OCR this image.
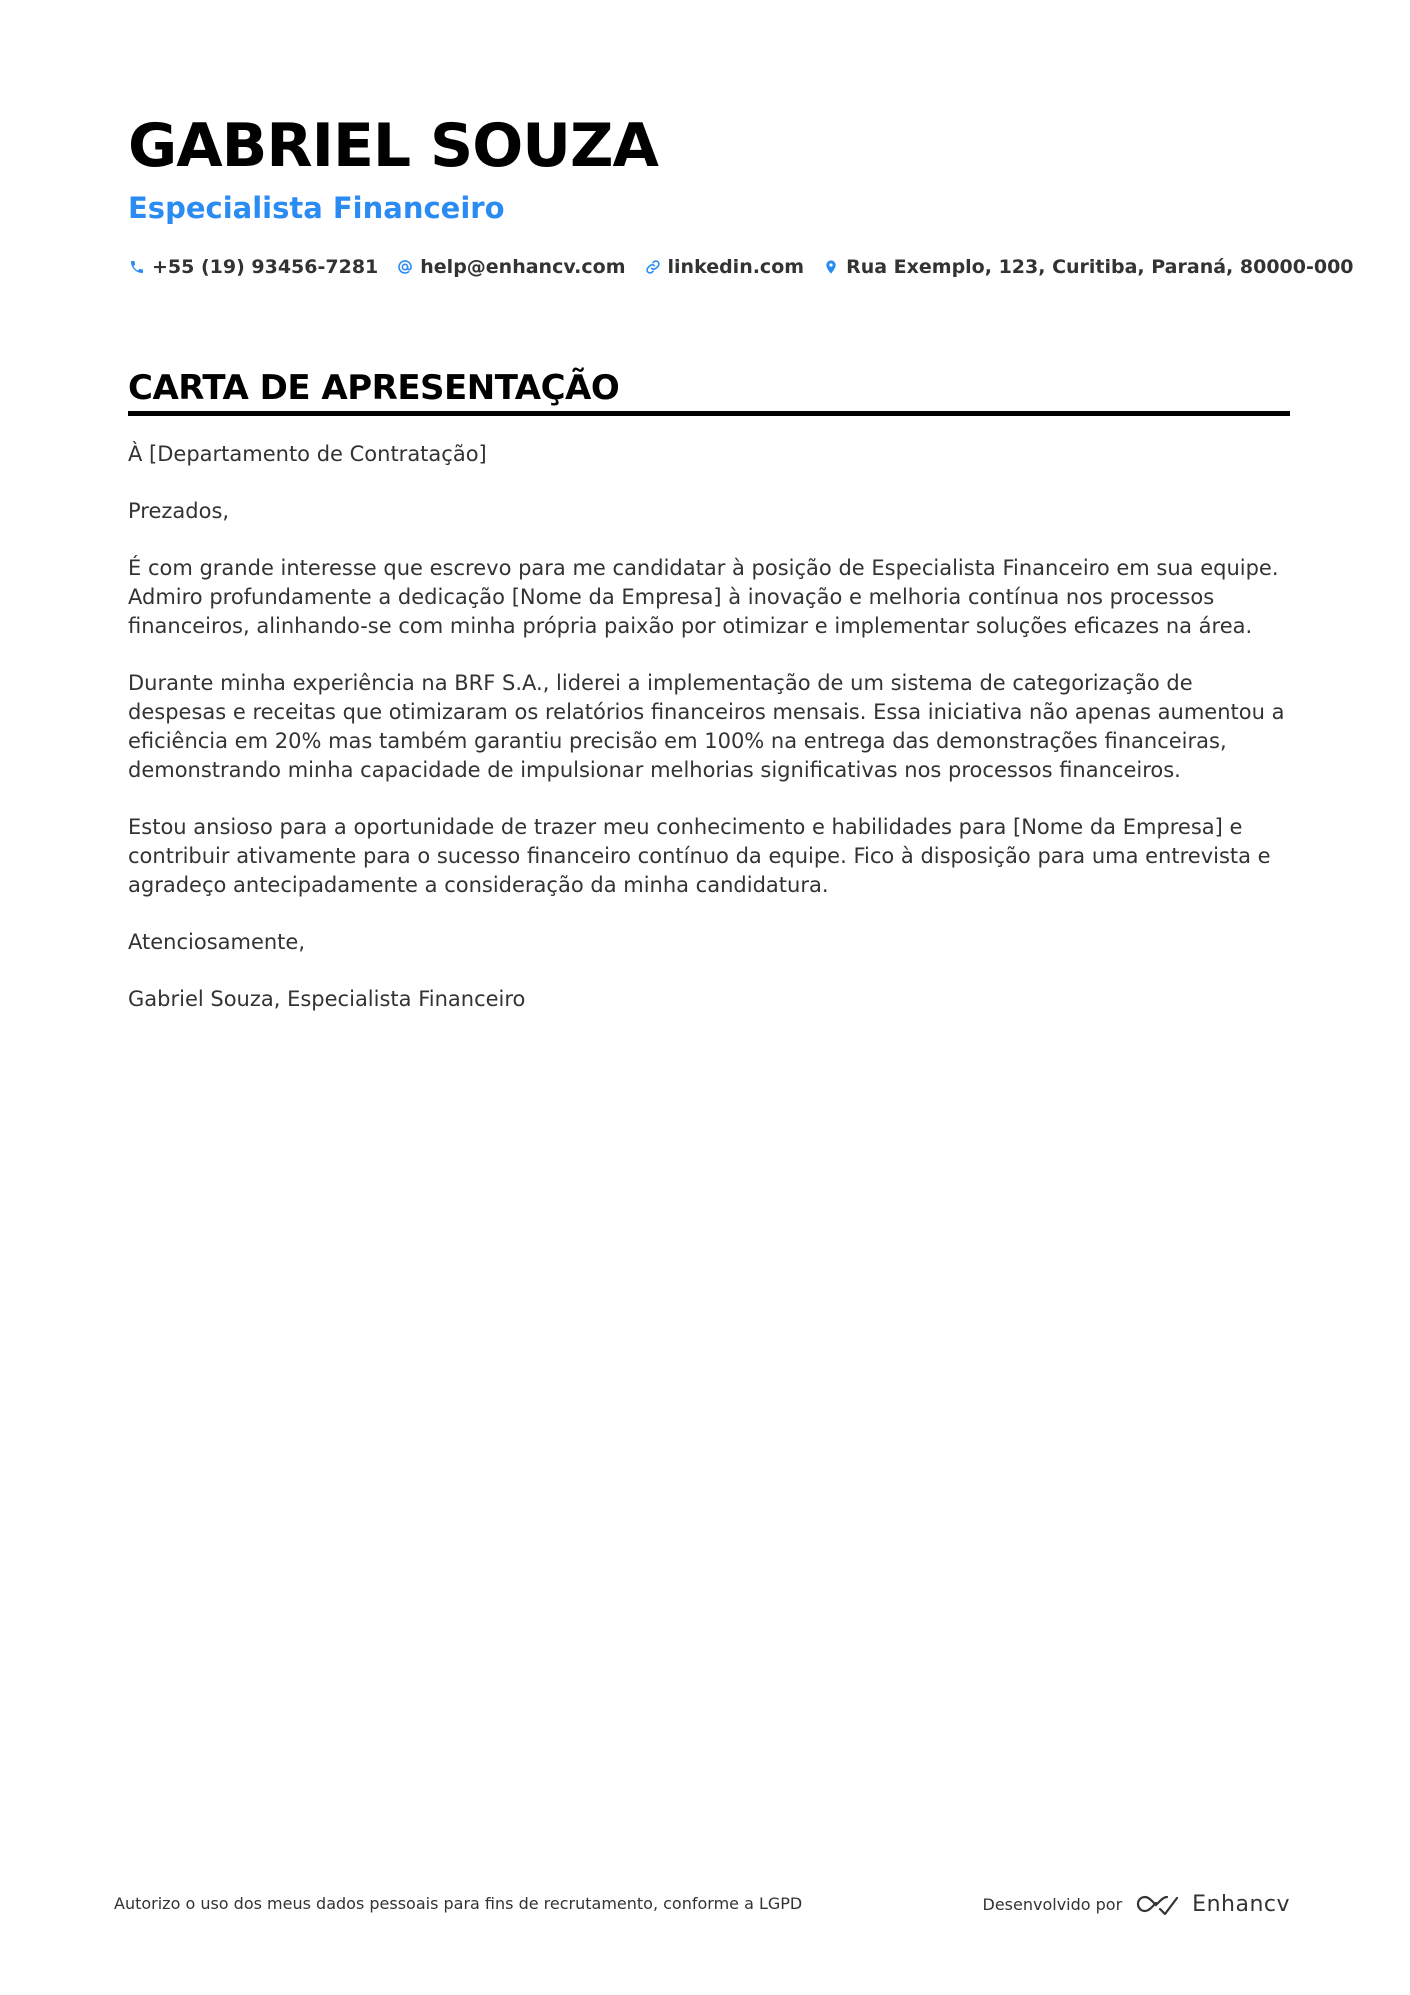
GABRIEL SOUZA
Especialista Financeiro
+55 (19) 93456-7281 help@enhancv.com linkedin.com Rua Exemplo, 123, Curitiba, Paraná, 80000-000
CARTA DE APRESENTAÇÃO

À [Departamento de Contratação]

Prezados,

É com grande interesse que escrevo para me candidatar à posição de Especialista Financeiro em sua equipe. Admiro profundamente a dedicação [Nome da Empresa] à inovação e melhoria contínua nos processos financeiros, alinhando-se com minha própria paixão por otimizar e implementar soluções eficazes na área.

Durante minha experiência na BRF S.A., liderei a implementação de um sistema de categorização de despesas e receitas que otimizaram os relatórios financeiros mensais. Essa iniciativa não apenas aumentou a eficiência em 20% mas também garantiu precisão em 100% na entrega das demonstrações financeiras, demonstrando minha capacidade de impulsionar melhorias significativas nos processos financeiros.

Estou ansioso para a oportunidade de trazer meu conhecimento e habilidades para [Nome da Empresa] e contribuir ativamente para o sucesso financeiro contínuo da equipe. Fico à disposição para uma entrevista e agradeço antecipadamente a consideração da minha candidatura.

Atenciosamente,

Gabriel Souza, Especialista Financeiro

Autorizo o uso dos meus dados pessoais para fins de recrutamento, conforme a LGPD	Desenvolvido por	Enhancv
